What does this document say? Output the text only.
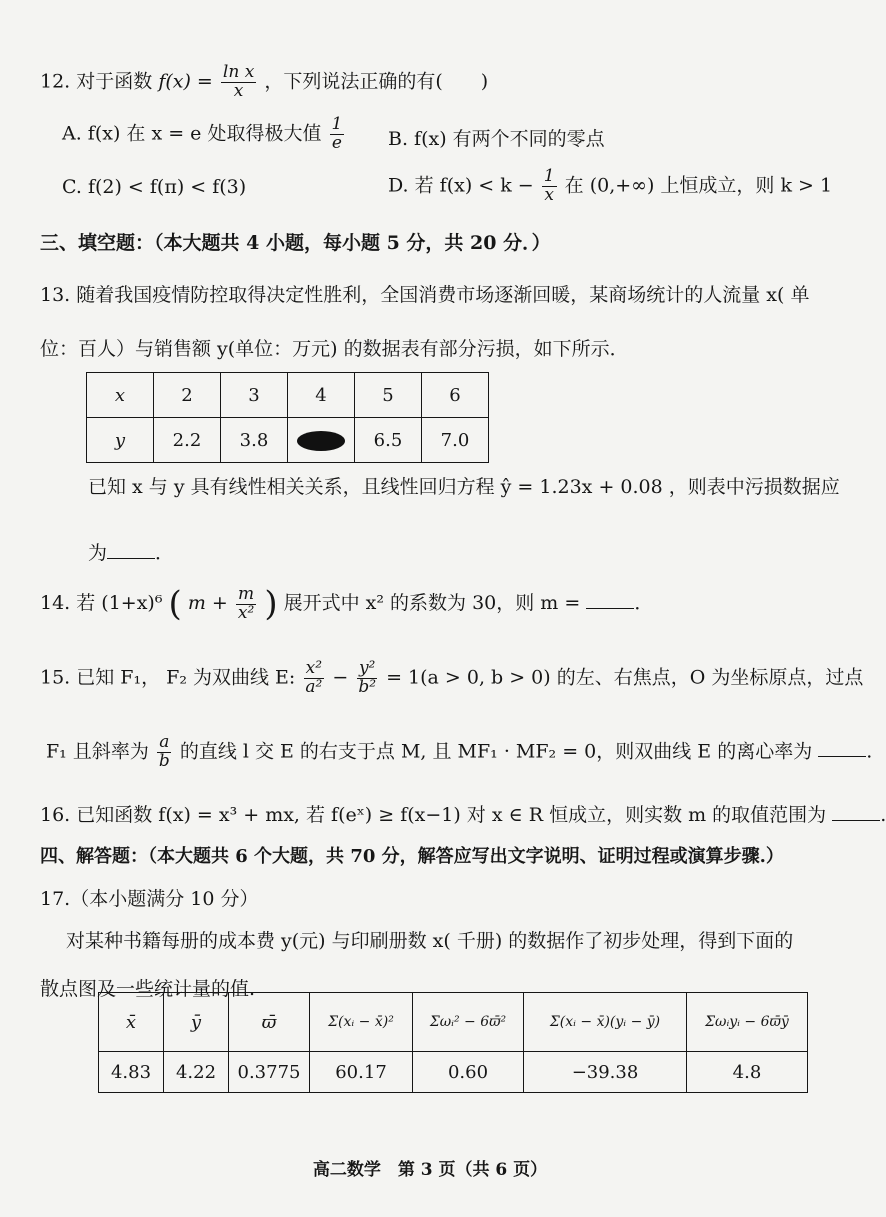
12. 对于函数 $f(x) = \frac{\text{ln x}}{x}$ ，下列说法正确的有(　　)
A. f(x) 在 x = e 处取得极大值 $\frac{1}{e} B$. f(x) 有两个不同的零点
C. f(2) < f(π) < f(3)	D. 若 $f(x) < k - \frac{1}{x}$ 在 (0,+∞) 上恒成立，则 k > 1
三、填空题：（本大题共 4 小题，每小题 5 分，共 20 分．）
13. 随着我国疫情防控取得决定性胜利，全国消费市场逐渐回暖，某商场统计的人流量 x( 单
位：百人）与销售额 y(单位：万元) 的数据表有部分污损，如下所示．
x	2	3	4	5	6
y	2.2	3.8		6.5	7.0
已知 x 与 y 具有线性相关关系，且线性回归方程 ŷ = 1.23x + 0.08 ，则表中污损数据应
为	．
14. 若 (1+x)⁶ ( $m + \frac{m}{\text{x²}}$ ) 展开式中 x² 的系数为 30，则 m =	．
15. 已知 F₁， F₂ 为双曲线 E: $\frac{\text{x²}}{\text{a²}} - \frac{\text{y²}}{\text{b²}} = 1(a > 0$, b > 0) 的左、右焦点，O 为坐标原点，过点
F₁ 且斜率为 $\frac{a}{b}$ 的直线 l 交 E 的右支于点 M, 且 MF₁ · MF₂ = 0，则双曲线 E 的离心率为	.
16. 已知函数 f(x) = x³ + mx, 若 f(eˣ) ≥ f(x−1) 对 x ∈ R 恒成立，则实数 m 的取值范围为	.
四、解答题：（本大题共 6 个大题，共 70 分，解答应写出文字说明、证明过程或演算步骤.）
17.（本小题满分 10 分）
对某种书籍每册的成本费 y(元) 与印刷册数 x( 千册) 的数据作了初步处理，得到下面的
散点图及一些统计量的值.
x̄	ȳ	ϖ̄	Σ(xᵢ − x̄)²	Σωᵢ² − 6ϖ̄²	Σ(xᵢ − x̄)(yᵢ − ȳ)	Σωᵢyᵢ − 6ϖ̄ȳ
4.83	4.22	0.3775	60.17	0.60	−39.38	4.8
高二数学　第 3 页（共 6 页）
